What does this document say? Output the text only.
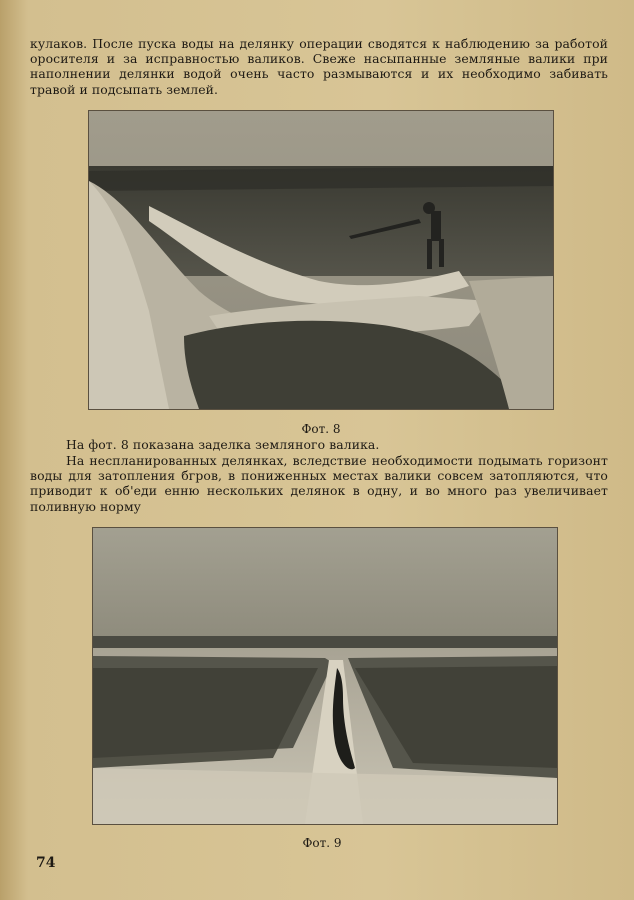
кулаков. После пуска воды на делянку операции сводятся к наблюдению за работой оросителя и за исправностью валиков. Свеже насыпанные земляные валики при наполнении делянки водой очень часто размываются и их необходимо забивать травой и подсыпать землей.
Фот. 8
На фот. 8 показана заделка земляного валика.
На неспланированных делянках, вследствие необходимости подымать горизонт воды для затопления бгров, в пониженных местах валики совсем затопляются, что приводит к об'еди енню нескольких делянок в одну, и во много раз увеличивает поливную норму
Фот. 9
74
